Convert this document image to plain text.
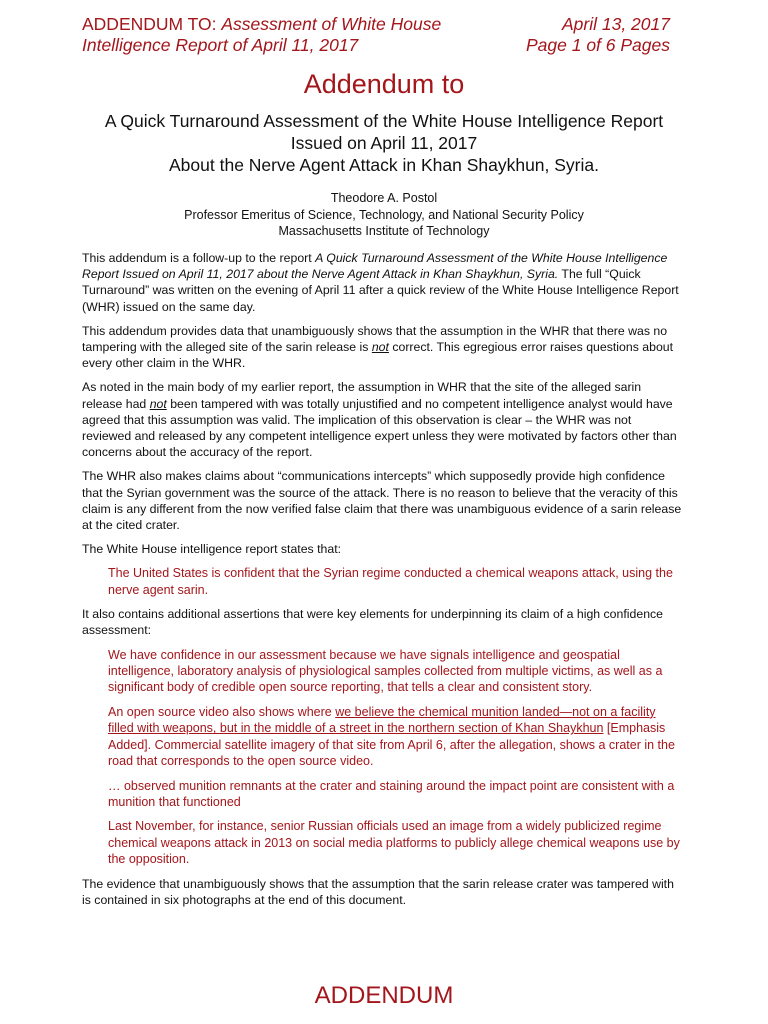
ADDENDUM TO: Assessment of White House
Intelligence Report of April 11, 2017
April 13, 2017
Page 1 of 6 Pages
Addendum to
A Quick Turnaround Assessment of the White House Intelligence Report
Issued on April 11, 2017
About the Nerve Agent Attack in Khan Shaykhun, Syria.
Theodore A. Postol
Professor Emeritus of Science, Technology, and National Security Policy
Massachusetts Institute of Technology

This addendum is a follow-up to the report A Quick Turnaround Assessment of the White House Intelligence Report Issued on April 11, 2017 about the Nerve Agent Attack in Khan Shaykhun, Syria. The full “Quick Turnaround” was written on the evening of April 11 after a quick review of the White House Intelligence Report (WHR) issued on the same day.

This addendum provides data that unambiguously shows that the assumption in the WHR that there was no tampering with the alleged site of the sarin release is not correct. This egregious error raises questions about every other claim in the WHR.

As noted in the main body of my earlier report, the assumption in WHR that the site of the alleged sarin release had not been tampered with was totally unjustified and no competent intelligence analyst would have agreed that this assumption was valid. The implication of this observation is clear – the WHR was not reviewed and released by any competent intelligence expert unless they were motivated by factors other than concerns about the accuracy of the report.

The WHR also makes claims about “communications intercepts” which supposedly provide high confidence that the Syrian government was the source of the attack. There is no reason to believe that the veracity of this claim is any different from the now verified false claim that there was unambiguous evidence of a sarin release at the cited crater.

The White House intelligence report states that:

The United States is confident that the Syrian regime conducted a chemical weapons attack, using the nerve agent sarin.

It also contains additional assertions that were key elements for underpinning its claim of a high confidence assessment:

We have confidence in our assessment because we have signals intelligence and geospatial intelligence, laboratory analysis of physiological samples collected from multiple victims, as well as a significant body of credible open source reporting, that tells a clear and consistent story.

An open source video also shows where we believe the chemical munition landed—not on a facility filled with weapons, but in the middle of a street in the northern section of Khan Shaykhun [Emphasis Added]. Commercial satellite imagery of that site from April 6, after the allegation, shows a crater in the road that corresponds to the open source video.

… observed munition remnants at the crater and staining around the impact point are consistent with a munition that functioned

Last November, for instance, senior Russian officials used an image from a widely publicized regime chemical weapons attack in 2013 on social media platforms to publicly allege chemical weapons use by the opposition.

The evidence that unambiguously shows that the assumption that the sarin release crater was tampered with is contained in six photographs at the end of this document.

ADDENDUM
